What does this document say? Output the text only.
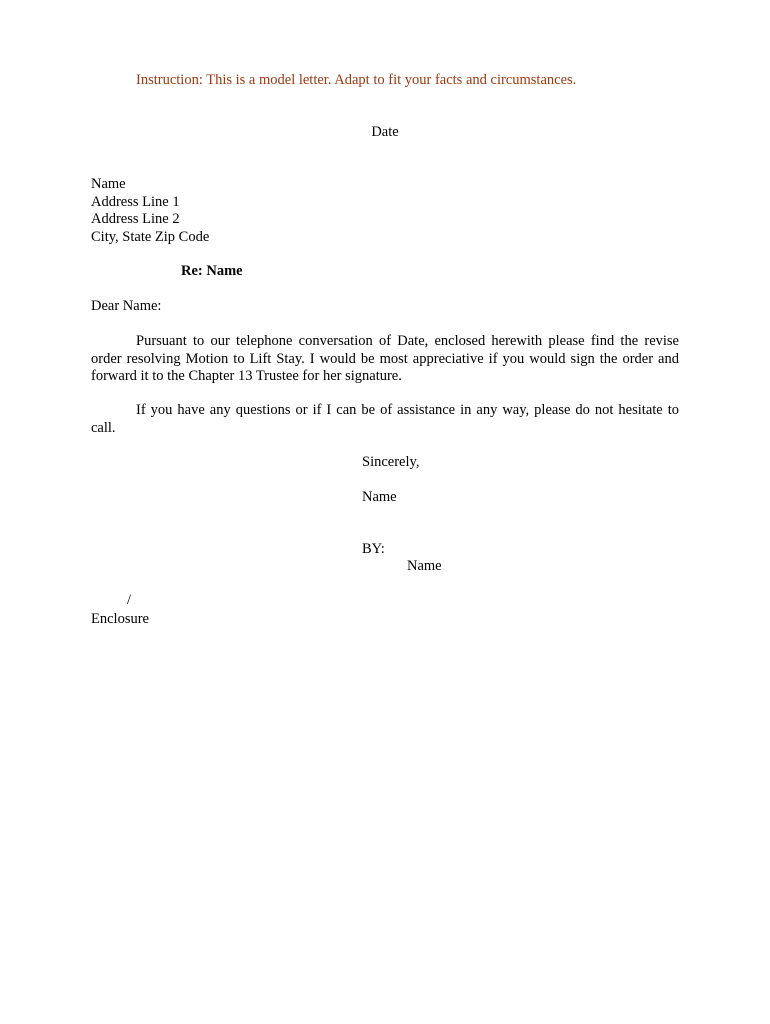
Instruction: This is a model letter. Adapt to fit your facts and circumstances.
Date
Name
Address Line 1
Address Line 2
City, State Zip Code
Re: Name
Dear Name:
Pursuant to our telephone conversation of Date, enclosed herewith please find the revise order resolving Motion to Lift Stay. I would be most appreciative if you would sign the order and forward it to the Chapter 13 Trustee for her signature.
If you have any questions or if I can be of assistance in any way, please do not hesitate to call.
Sincerely,
Name
BY:
Name
/
Enclosure
